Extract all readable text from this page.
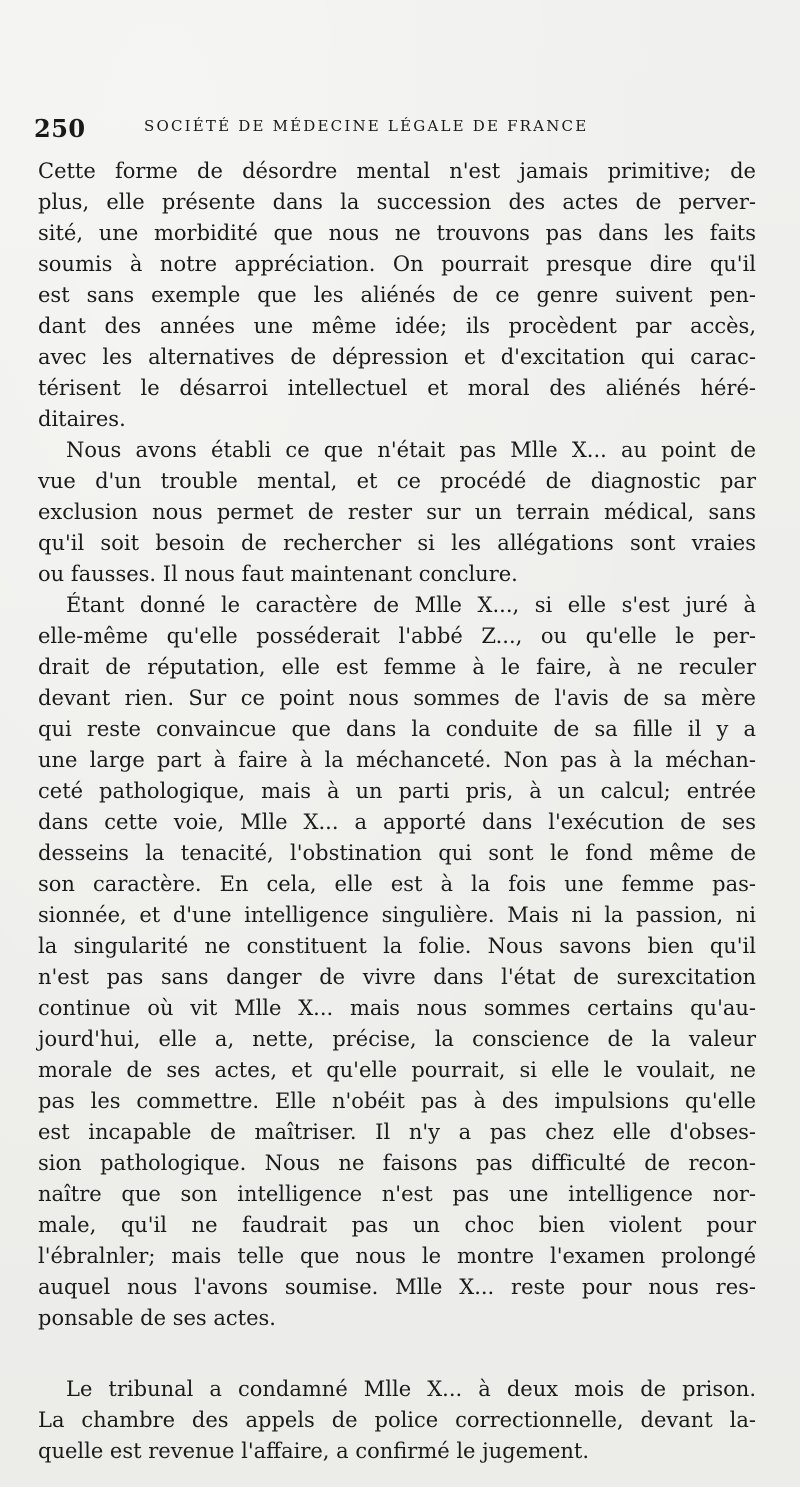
250	SOCIÉTÉ DE MÉDECINE LÉGALE DE FRANCE
Cette forme de désordre mental n'est jamais primitive; de
plus, elle présente dans la succession des actes de perver-
sité, une morbidité que nous ne trouvons pas dans les faits
soumis à notre appréciation. On pourrait presque dire qu'il
est sans exemple que les aliénés de ce genre suivent pen-
dant des années une même idée; ils procèdent par accès,
avec les alternatives de dépression et d'excitation qui carac-
térisent le désarroi intellectuel et moral des aliénés héré-
ditaires.
Nous avons établi ce que n'était pas Mlle X... au point de
vue d'un trouble mental, et ce procédé de diagnostic par
exclusion nous permet de rester sur un terrain médical, sans
qu'il soit besoin de rechercher si les allégations sont vraies
ou fausses. Il nous faut maintenant conclure.
Étant donné le caractère de Mlle X..., si elle s'est juré à
elle-même qu'elle posséderait l'abbé Z..., ou qu'elle le per-
drait de réputation, elle est femme à le faire, à ne reculer
devant rien. Sur ce point nous sommes de l'avis de sa mère
qui reste convaincue que dans la conduite de sa fille il y a
une large part à faire à la méchanceté. Non pas à la méchan-
ceté pathologique, mais à un parti pris, à un calcul; entrée
dans cette voie, Mlle X... a apporté dans l'exécution de ses
desseins la tenacité, l'obstination qui sont le fond même de
son caractère. En cela, elle est à la fois une femme pas-
sionnée, et d'une intelligence singulière. Mais ni la passion, ni
la singularité ne constituent la folie. Nous savons bien qu'il
n'est pas sans danger de vivre dans l'état de surexcitation
continue où vit Mlle X... mais nous sommes certains qu'au-
jourd'hui, elle a, nette, précise, la conscience de la valeur
morale de ses actes, et qu'elle pourrait, si elle le voulait, ne
pas les commettre. Elle n'obéit pas à des impulsions qu'elle
est incapable de maîtriser. Il n'y a pas chez elle d'obses-
sion pathologique. Nous ne faisons pas difficulté de recon-
naître que son intelligence n'est pas une intelligence nor-
male, qu'il ne faudrait pas un choc bien violent pour
l'ébralnler; mais telle que nous le montre l'examen prolongé
auquel nous l'avons soumise. Mlle X... reste pour nous res-
ponsable de ses actes.
Le tribunal a condamné Mlle X... à deux mois de prison.
La chambre des appels de police correctionnelle, devant la-
quelle est revenue l'affaire, a confirmé le jugement.
